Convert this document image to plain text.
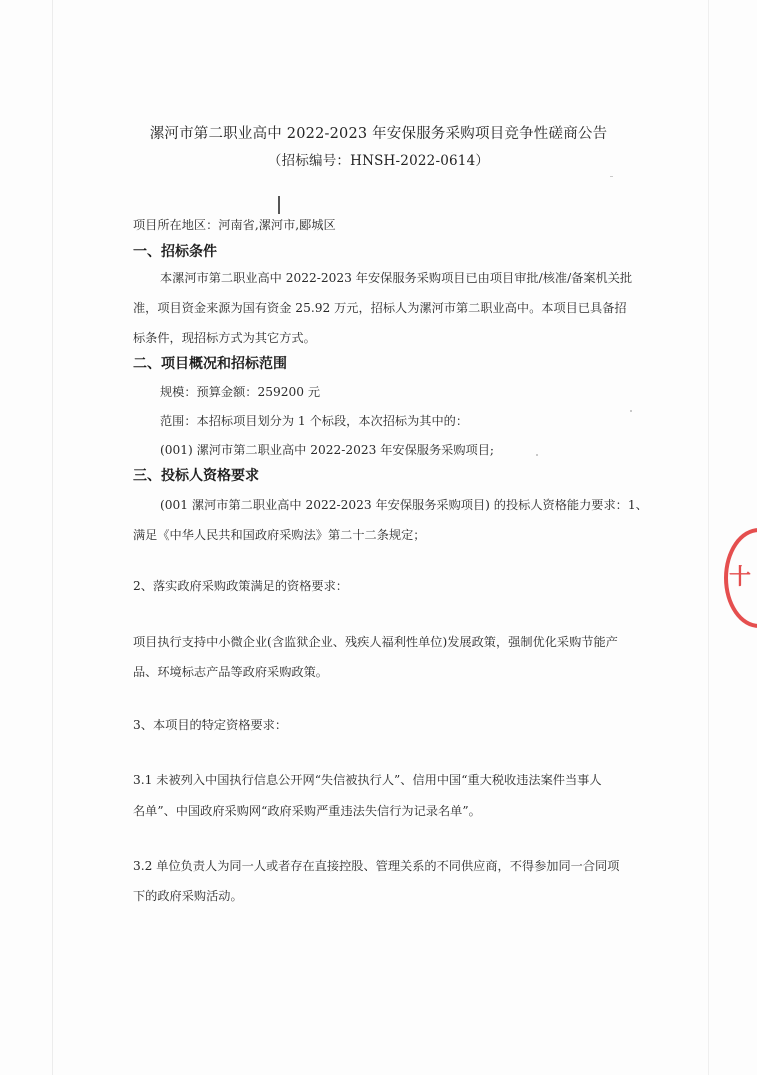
漯河市第二职业高中 2022-2023 年安保服务采购项目竞争性磋商公告
（招标编号：HNSH-2022-0614）
项目所在地区：河南省,漯河市,郾城区
一、招标条件
本漯河市第二职业高中 2022-2023 年安保服务采购项目已由项目审批/核准/备案机关批
准，项目资金来源为国有资金 25.92 万元，招标人为漯河市第二职业高中。本项目已具备招
标条件，现招标方式为其它方式。
二、项目概况和招标范围
规模：预算金额：259200 元
范围：本招标项目划分为 1 个标段，本次招标为其中的：
(001) 漯河市第二职业高中 2022-2023 年安保服务采购项目;
三、投标人资格要求
(001 漯河市第二职业高中 2022-2023 年安保服务采购项目) 的投标人资格能力要求：1、
满足《中华人民共和国政府采购法》第二十二条规定；
2、落实政府采购政策满足的资格要求：
项目执行支持中小微企业(含监狱企业、残疾人福利性单位)发展政策，强制优化采购节能产
品、环境标志产品等政府采购政策。
3、本项目的特定资格要求：
3.1 未被列入中国执行信息公开网“失信被执行人”、信用中国“重大税收违法案件当事人
名单”、中国政府采购网“政府采购严重违法失信行为记录名单”。
3.2 单位负责人为同一人或者存在直接控股、管理关系的不同供应商，不得参加同一合同项
下的政府采购活动。
十
